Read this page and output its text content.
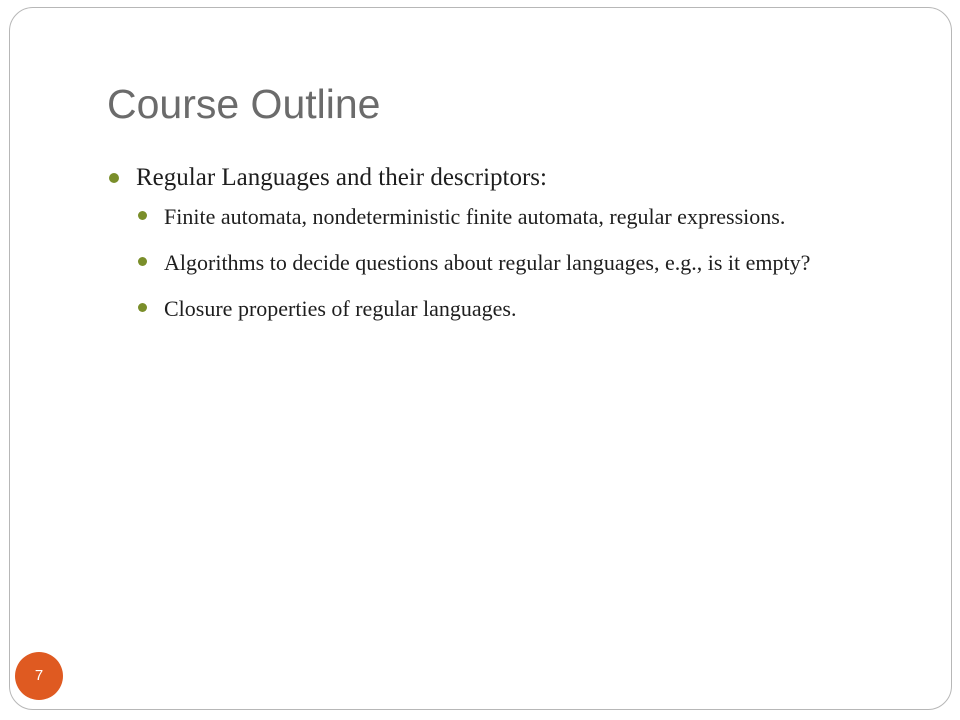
Course Outline
Regular Languages and their descriptors:
Finite automata, nondeterministic finite automata, regular expressions.
Algorithms to decide questions about regular languages, e.g., is it empty?
Closure properties of regular languages.
7
